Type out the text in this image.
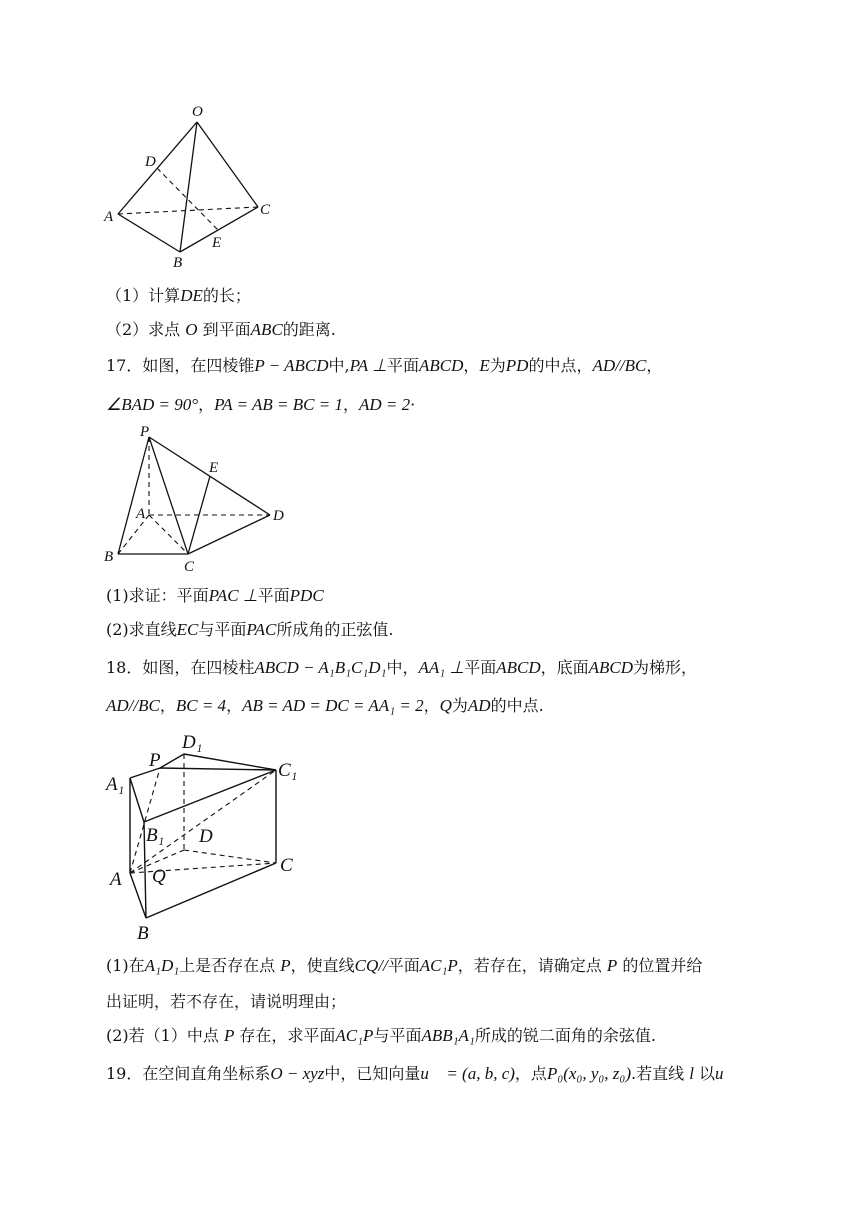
O
D
A	C
E
B
（1）计算DE的长；
（2）求点 O 到平面ABC的距离.
17．如图，在四棱锥P − ABCD中,PA ⊥平面ABCD，E为PD的中点，AD//BC，
∠BAD = 90°，PA = AB = BC = 1，AD = 2·
P
E
A	D
B
C
(1)求证：平面PAC ⊥平面PDC
(2)求直线EC与平面PAC所成角的正弦值.
18．如图，在四棱柱ABCD − A₁B₁C₁D₁中，AA₁ ⊥平面ABCD，底面ABCD为梯形，
AD//BC，BC = 4，AB = AD = DC = AA₁ = 2，Q为AD的中点.
D₁
P
A₁
C₁
B₁ D
A Q
C
B
(1)在A₁D₁上是否存在点 P，使直线CQ//平面AC₁P，若存在，请确定点 P 的位置并给
出证明，若不存在，请说明理由；
(2)若（1）中点 P 存在，求平面AC₁P与平面ABB₁A₁所成的锐二面角的余弦值.
19．在空间直角坐标系O − xyz中，已知向量u⃗ = (a, b, c)，点P₀(x₀, y₀, z₀).若直线 l 以u⃗
